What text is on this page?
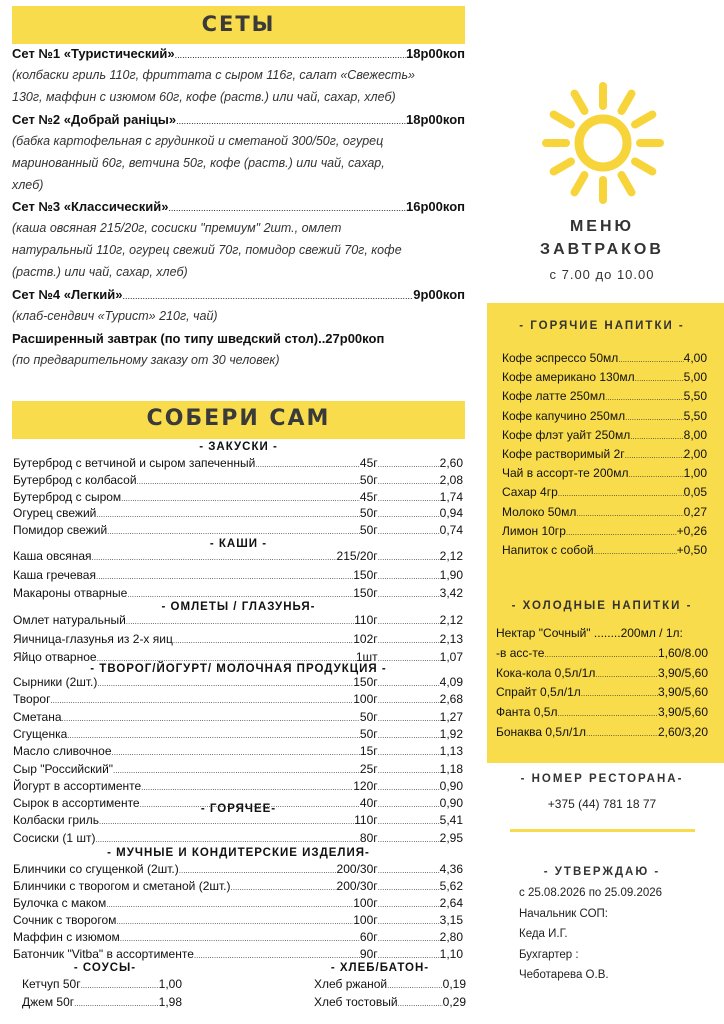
СЕТЫ
Сет №1 «Туристический» .....	18р00коп
(колбаски гриль 110г, фриттата с сыром 116г, салат «Свежесть»
130г, маффин с изюмом 60г, кофе (раств.) или чай, сахар, хлеб)
Сет №2 «Добрай раніцы» .....	18р00коп
(бабка картофельная с грудинкой и сметаной 300/50г, огурец
маринованный 60г, ветчина 50г, кофе (раств.) или чай, сахар,
хлеб)
Сет №3 «Классический» .....	16р00коп
(каша овсяная 215/20г, сосиски "премиум" 2шт., омлет
натуральный 110г, огурец свежий 70г, помидор свежий 70г, кофе
(раств.) или чай, сахар, хлеб)
Сет №4 «Легкий» .....	9р00коп
(клаб-сендвич «Турист» 210г, чай)
Расширенный завтрак (по типу шведский стол)..27р00коп
(по предварительному заказу от 30 человек)
СОБЕРИ САМ
- ЗАКУСКИ -
Бутерброд с ветчиной и сыром запеченный .....	45г .....	2,60
Бутерброд с колбасой .....	50г .....	2,08
Бутерброд с сыром .....	45г .....	1,74
Огурец свежий .....	50г .....	0,94
Помидор свежий .....	50г .....	0,74
- КАШИ -
Каша овсяная .....	215/20г .....	2,12
Каша гречевая .....	150г .....	1,90
Макароны отварные .....	150г .....	3,42
- ОМЛЕТЫ / ГЛАЗУНЬЯ-
Омлет натуральный .....	110г .....	2,12
Яичница-глазунья из 2-х яиц .....	102г .....	2,13
Яйцо отварное .....	1шт .....	1,07
- ТВОРОГ/ЙОГУРТ/ МОЛОЧНАЯ ПРОДУКЦИЯ -
Сырники (2шт.) .....	150г .....	4,09
Творог .....	100г .....	2,68
Сметана .....	50г .....	1,27
Сгущенка .....	50г .....	1,92
Масло сливочное .....	15г .....	1,13
Сыр "Российский" .....	25г .....	1,18
Йогурт в ассортименте .....	120г .....	0,90
Сырок в ассортименте .....	40г .....	0,90
- ГОРЯЧЕЕ-
Колбаски гриль .....	110г .....	5,41
Сосиски (1 шт) .....	80г .....	2,95
- МУЧНЫЕ И КОНДИТЕРСКИЕ ИЗДЕЛИЯ-
Блинчики со сгущенкой (2шт.) .....	200/30г .....	4,36
Блинчики с творогом и сметаной (2шт.) .....	200/30г .....	5,62
Булочка с маком .....	100г .....	2,64
Сочник с творогом .....	100г .....	3,15
Маффин с изюмом .....	60г .....	2,80
Батончик "Vitba" в ассортименте .....	90г .....	1,10
- СОУСЫ-	- ХЛЕБ/БАТОН-
Кетчуп 50г .....	1,00
Джем 50г .....	1,98
Хлеб ржаной .....	0,19
Хлеб тостовый .....	0,29
МЕНЮ
ЗАВТРАКОВ
с 7.00 до 10.00
- ГОРЯЧИЕ НАПИТКИ -
Кофе эспрессо 50мл .....	4,00
Кофе американо 130мл .....	5,00
Кофе латте 250мл .....	5,50
Кофе капучино 250мл .....	5,50
Кофе флэт уайт 250мл .....	8,00
Кофе растворимый 2г .....	2,00
Чай в ассорт-те 200мл .....	1,00
Сахар 4гр .....	0,05
Молоко 50мл .....	0,27
Лимон 10гр .....	+0,26
Напиток с собой .....	+0,50
- ХОЛОДНЫЕ НАПИТКИ -
Нектар "Сочный" ........200мл / 1л:
-в асс-те .....	1,60/8.00
Кока-кола 0,5л/1л .....	3,90/5,60
Спрайт 0,5л/1л .....	3,90/5,60
Фанта 0,5л .....	3,90/5,60
Бонаква 0,5л/1л .....	2,60/3,20
- НОМЕР РЕСТОРАНА-
+375 (44) 781 18 77
- УТВЕРЖДАЮ -
с 25.08.2026 по 25.09.2026
Начальник СОП:
Кеда И.Г.
Бухгартер :
Чеботарева О.В.
